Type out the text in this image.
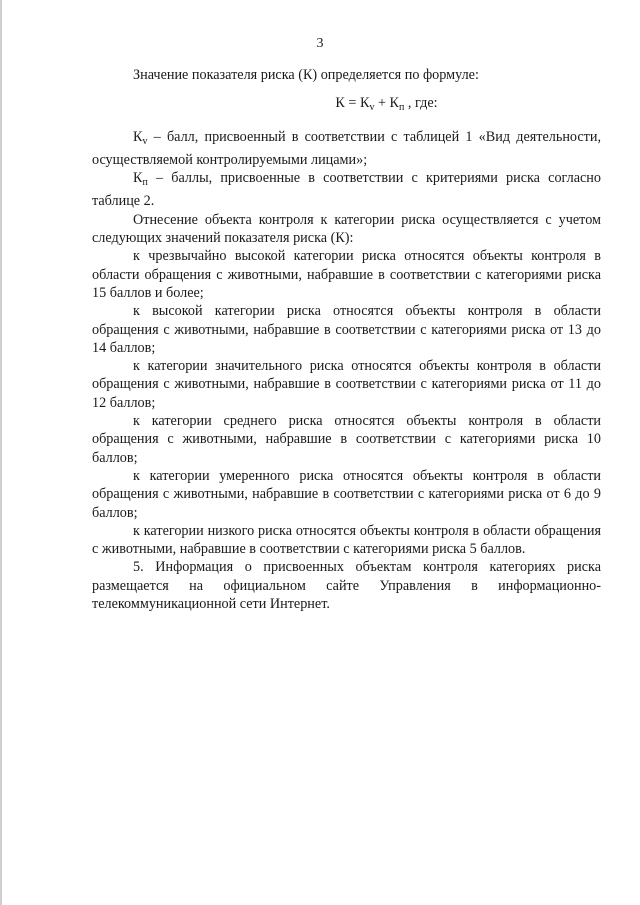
3

Значение показателя риска (К) определяется по формуле:

$К = К_v + К_п$ , где:

$К_v$ – балл, присвоенный в соответствии с таблицей 1 «Вид деятельности, осуществляемой контролируемыми лицами»;

$К_п$ – баллы, присвоенные в соответствии с критериями риска согласно таблице 2.

Отнесение объекта контроля к категории риска осуществляется с учетом следующих значений показателя риска (К):

к чрезвычайно высокой категории риска относятся объекты контроля в области обращения с животными, набравшие в соответствии с категориями риска 15 баллов и более;

к высокой категории риска относятся объекты контроля в области обращения с животными, набравшие в соответствии с категориями риска от 13 до 14 баллов;

к категории значительного риска относятся объекты контроля в области обращения с животными, набравшие в соответствии с категориями риска от 11 до 12 баллов;

к категории среднего риска относятся объекты контроля в области обращения с животными, набравшие в соответствии с категориями риска 10 баллов;

к категории умеренного риска относятся объекты контроля в области обращения с животными, набравшие в соответствии с категориями риска от 6 до 9 баллов;

к категории низкого риска относятся объекты контроля в области обращения с животными, набравшие в соответствии с категориями риска 5 баллов.

5. Информация о присвоенных объектам контроля категориях риска размещается на официальном сайте Управления в информационно-телекоммуникационной сети Интернет.
